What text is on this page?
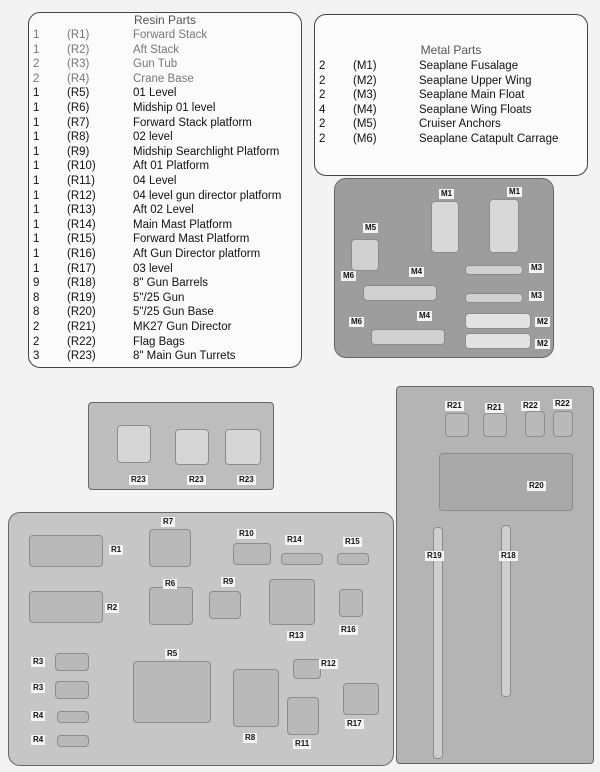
Resin Parts
1	(R1)	Forward Stack
1	(R2)	Aft Stack
2	(R3)	Gun Tub
2	(R4)	Crane Base
1	(R5)	01 Level
1	(R6)	Midship 01 level
1	(R7)	Forward Stack platform
1	(R8)	02 level
1	(R9)	Midship Searchlight Platform
1	(R10)	Aft 01 Platform
1	(R11)	04 Level
1	(R12)	04 level gun director platform
1	(R13)	Aft 02 Level
1	(R14)	Main Mast Platform
1	(R15)	Forward Mast Platform
1	(R16)	Aft Gun Director platform
1	(R17)	03 level
9	(R18)	8" Gun Barrels
8	(R19)	5"/25 Gun
8	(R20)	5"/25 Gun Base
2	(R21)	MK27 Gun Director
2	(R22)	Flag Bags
3	(R23)	8" Main Gun Turrets
Metal Parts
2	(M1)	Seaplane Fusalage
2	(M2)	Seaplane Upper Wing
2	(M3)	Seaplane Main Float
4	(M4)	Seaplane Wing Floats
2	(M5)	Cruiser Anchors
2	(M6)	Seaplane Catapult Carrage
M1	M1
M5
M6	M4	M3
M3
M6
M4
M2
M2
R23	R23	R23
R21	R21	R22 R22
R20
R19	R18
R1
R7
R10
R14	R15
R6	R9
R2
R13
R16
R3
R5
R12
R3
R4
R8
R17
R4	R11
